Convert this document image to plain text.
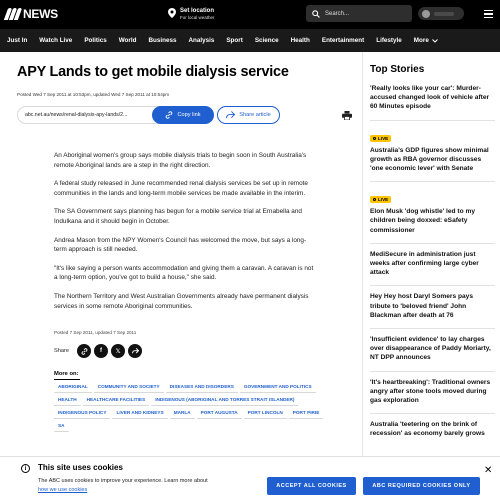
NEWS	Set location
For local weather
Search...
Just In Watch Live Politics World Business Analysis Sport Science Health Entertainment Lifestyle More
APY Lands to get mobile dialysis service
Posted Wed 7 Sep 2011 at 10:53pm, updated Wed 7 Sep 2011 at 10:54pm
abc.net.au/news/renal-dialysis-apy-lands/2...	Copy link	Share article

An Aboriginal women's group says mobile dialysis trials to begin soon in South Australia's remote Aboriginal lands are a step in the right direction.

A federal study released in June recommended renal dialysis services be set up in remote communities in the lands and long-term mobile services be made available in the interim.

The SA Government says planning has begun for a mobile service trial at Ernabella and Indulkana and it should begin in October.

Andrea Mason from the NPY Women's Council has welcomed the move, but says a long-term approach is still needed.

"It's like saying a person wants accommodation and giving them a caravan. A caravan is not a long-term option, you've got to build a house," she said.

The Northern Territory and West Australian Governments already have permanent dialysis services in some remote Aboriginal communities.

Posted 7 Sep 2011, updated 7 Sep 2011
Share	f	𝕏
More on:
ABORIGINAL	COMMUNITY AND SOCIETY	DISEASES AND DISORDERS	GOVERNMENT AND POLITICS
HEALTH	HEALTHCARE FACILITIES	INDIGENOUS (ABORIGINAL AND TORRES STRAIT ISLANDER)
INDIGENOUS POLICY	LIVER AND KIDNEYS	MARLA	PORT AUGUSTA	PORT LINCOLN	PORT PIRIE
SA
Top Stories
'Really looks like your car': Murder-accused changed look of vehicle after 60 Minutes episode
LIVE
Australia's GDP figures show minimal growth as RBA governor discusses 'one economic lever' with Senate
LIVE
Elon Musk 'dog whistle' led to my children being doxxed: eSafety commissioner
MediSecure in administration just weeks after confirming large cyber attack
Hey Hey host Daryl Somers pays tribute to 'beloved friend' John Blackman after death at 76
'Insufficient evidence' to lay charges over disappearance of Paddy Moriarty, NT DPP announces
'It's heartbreaking': Traditional owners angry after stone tools moved during gas exploration
Australia 'teetering on the brink of recession' as economy barely grows
i	This site uses cookies
The ABC uses cookies to improve your experience. Learn more about how we use cookies
ACCEPT ALL COOKIES	ABC REQUIRED COOKIES ONLY
✕
